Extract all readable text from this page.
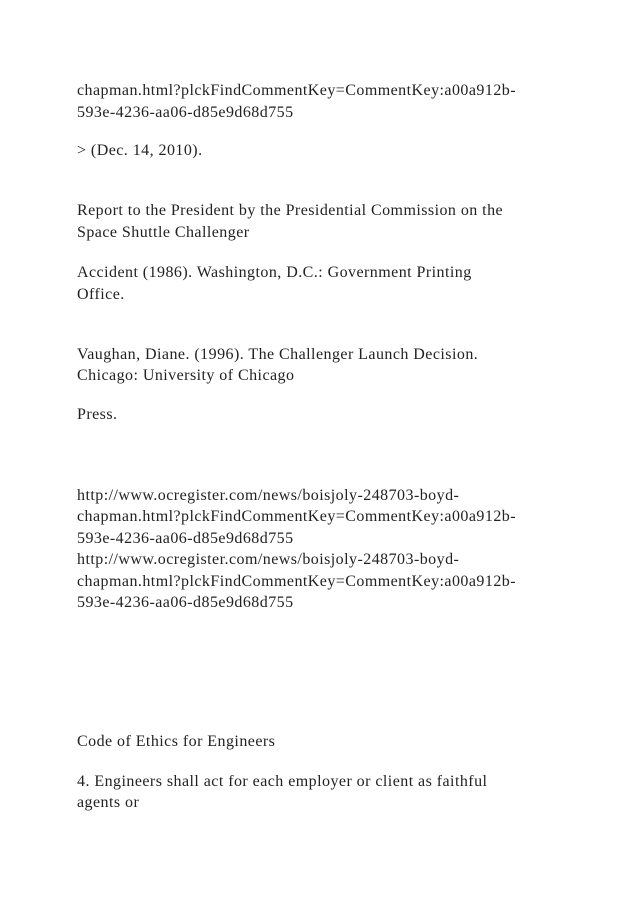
chapman.html?plckFindCommentKey=CommentKey:a00a912b-
593e-4236-aa06-d85e9d68d755
> (Dec. 14, 2010).
Report to the President by the Presidential Commission on the
Space Shuttle Challenger
Accident (1986). Washington, D.C.: Government Printing
Office.
Vaughan, Diane. (1996). The Challenger Launch Decision.
Chicago: University of Chicago
Press.
http://www.ocregister.com/news/boisjoly-248703-boyd-
chapman.html?plckFindCommentKey=CommentKey:a00a912b-
593e-4236-aa06-d85e9d68d755
http://www.ocregister.com/news/boisjoly-248703-boyd-
chapman.html?plckFindCommentKey=CommentKey:a00a912b-
593e-4236-aa06-d85e9d68d755
Code of Ethics for Engineers
4. Engineers shall act for each employer or client as faithful
agents or
